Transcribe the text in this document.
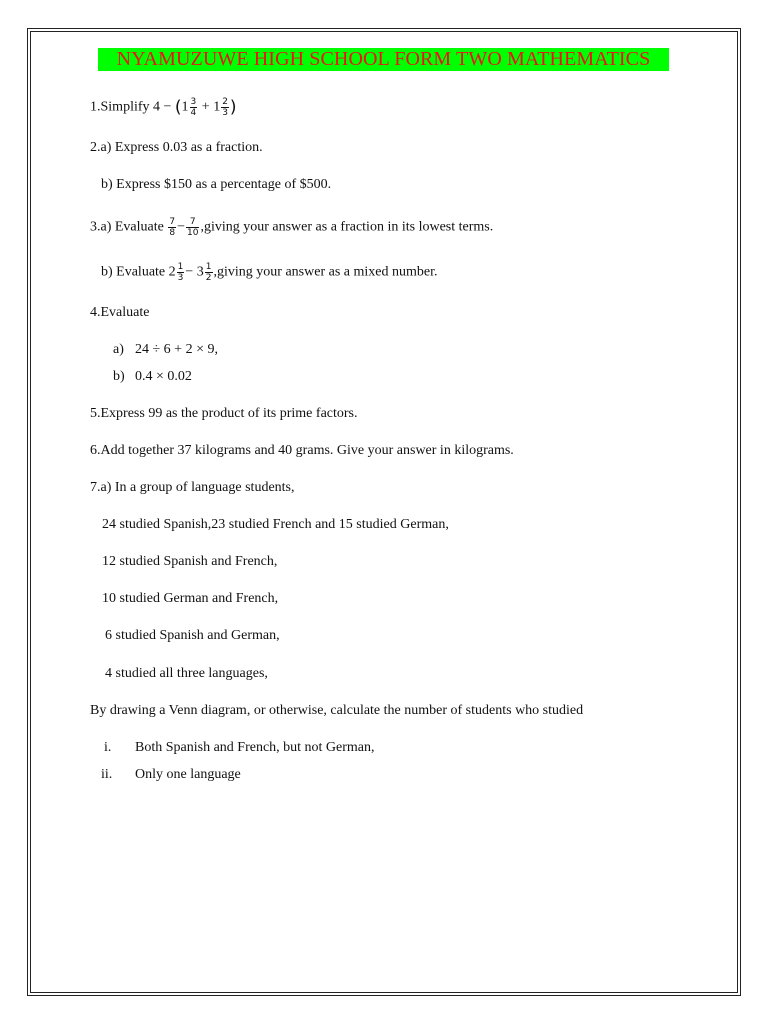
NYAMUZUWE HIGH SCHOOL FORM TWO MATHEMATICS
1.Simplify $4 - (1 \frac{3}{4} + 1 \frac{2}{3}$ )
2.a) Express 0.03 as a fraction.
b) Express $150 as a percentage of $500.
3.a) Evaluate $\frac{7}{8} - \frac{7}{10}$ ,giving your answer as a fraction in its lowest terms.
b) Evaluate $2 \frac{1}{3} - 3 \frac{1}{2}$ ,giving your answer as a mixed number.
4.Evaluate
a) 24 ÷ 6 + 2 × 9,
b) 0.4 × 0.02
5.Express 99 as the product of its prime factors.
6.Add together 37 kilograms and 40 grams. Give your answer in kilograms.
7.a) In a group of language students,
24 studied Spanish,23 studied French and 15 studied German,
12 studied Spanish and French,
10 studied German and French,
6 studied Spanish and German,
4 studied all three languages,
By drawing a Venn diagram, or otherwise, calculate the number of students who studied
i. Both Spanish and French, but not German,
ii. Only one language
